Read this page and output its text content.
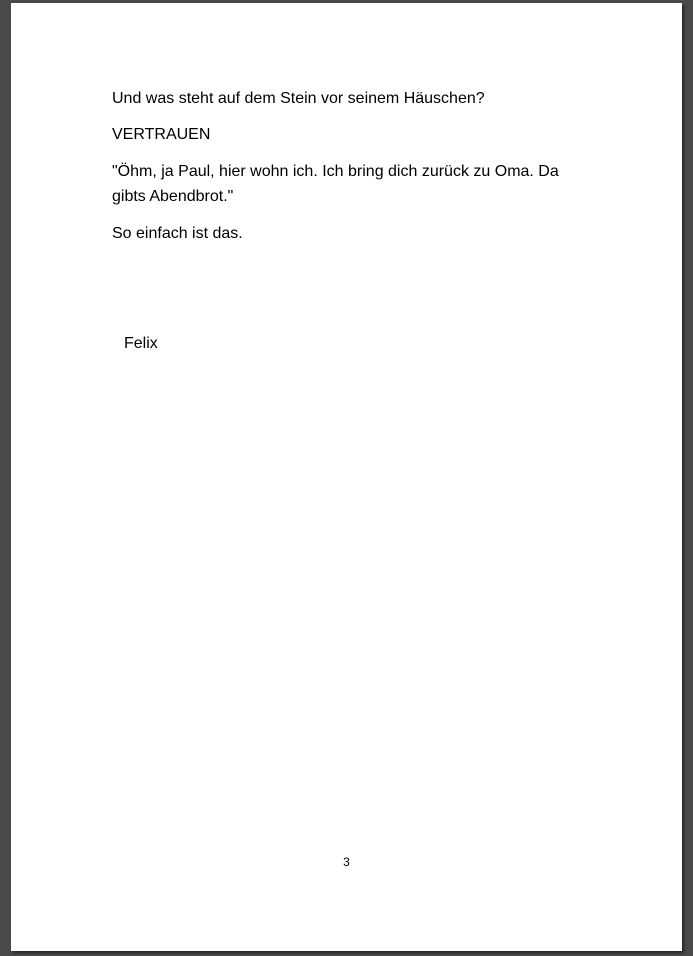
Und was steht auf dem Stein vor seinem Häuschen?

VERTRAUEN

"Öhm, ja Paul, hier wohn ich. Ich bring dich zurück zu Oma. Da gibts Abendbrot."

So einfach ist das.

Felix
3
